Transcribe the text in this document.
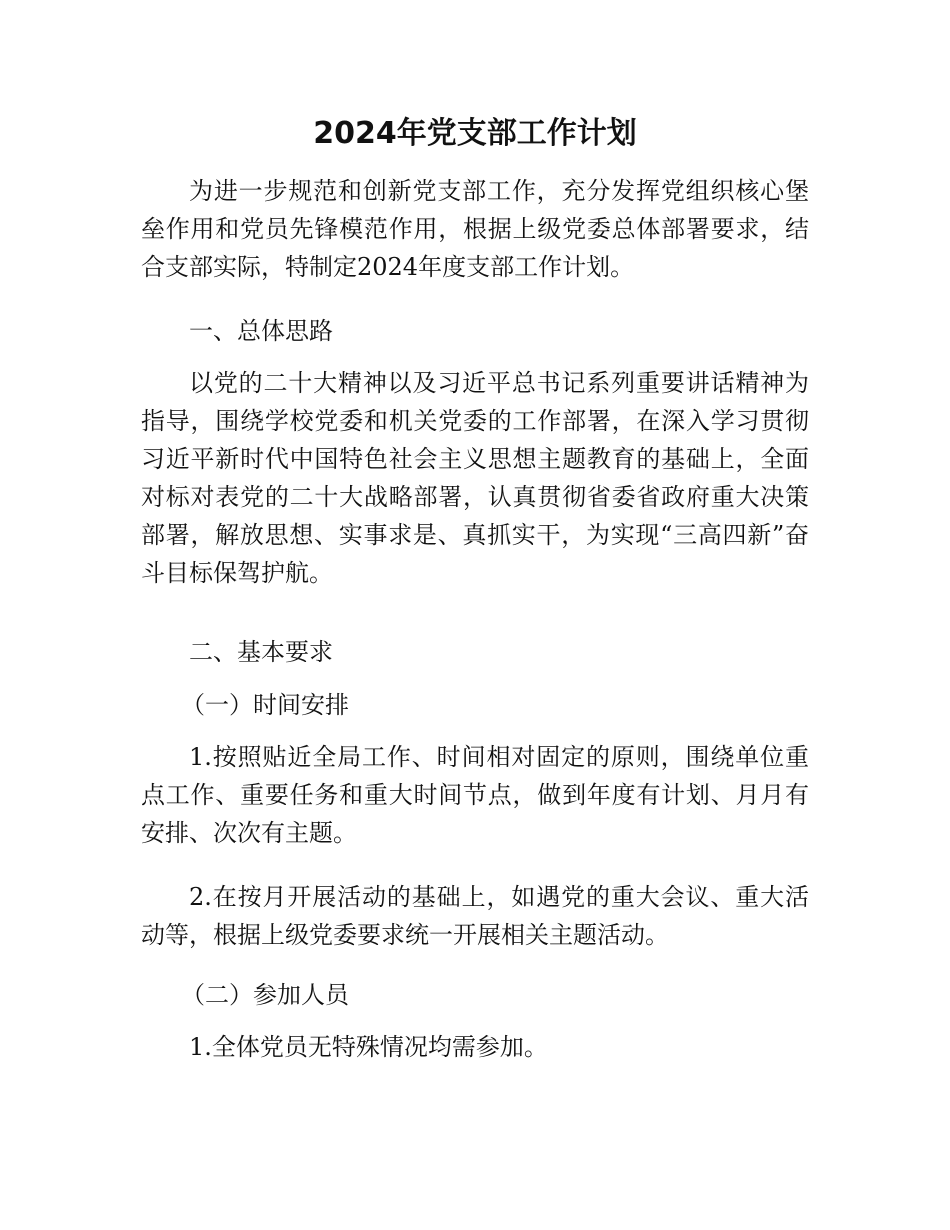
2024年党支部工作计划

为进一步规范和创新党支部工作，充分发挥党组织核心堡垒作用和党员先锋模范作用，根据上级党委总体部署要求，结合支部实际，特制定2024年度支部工作计划。

一、总体思路

以党的二十大精神以及习近平总书记系列重要讲话精神为指导，围绕学校党委和机关党委的工作部署，在深入学习贯彻习近平新时代中国特色社会主义思想主题教育的基础上，全面对标对表党的二十大战略部署，认真贯彻省委省政府重大决策部署，解放思想、实事求是、真抓实干，为实现“三高四新”奋斗目标保驾护航。

二、基本要求

（一）时间安排

1.按照贴近全局工作、时间相对固定的原则，围绕单位重点工作、重要任务和重大时间节点，做到年度有计划、月月有安排、次次有主题。

2.在按月开展活动的基础上，如遇党的重大会议、重大活动等，根据上级党委要求统一开展相关主题活动。

（二）参加人员

1.全体党员无特殊情况均需参加。
